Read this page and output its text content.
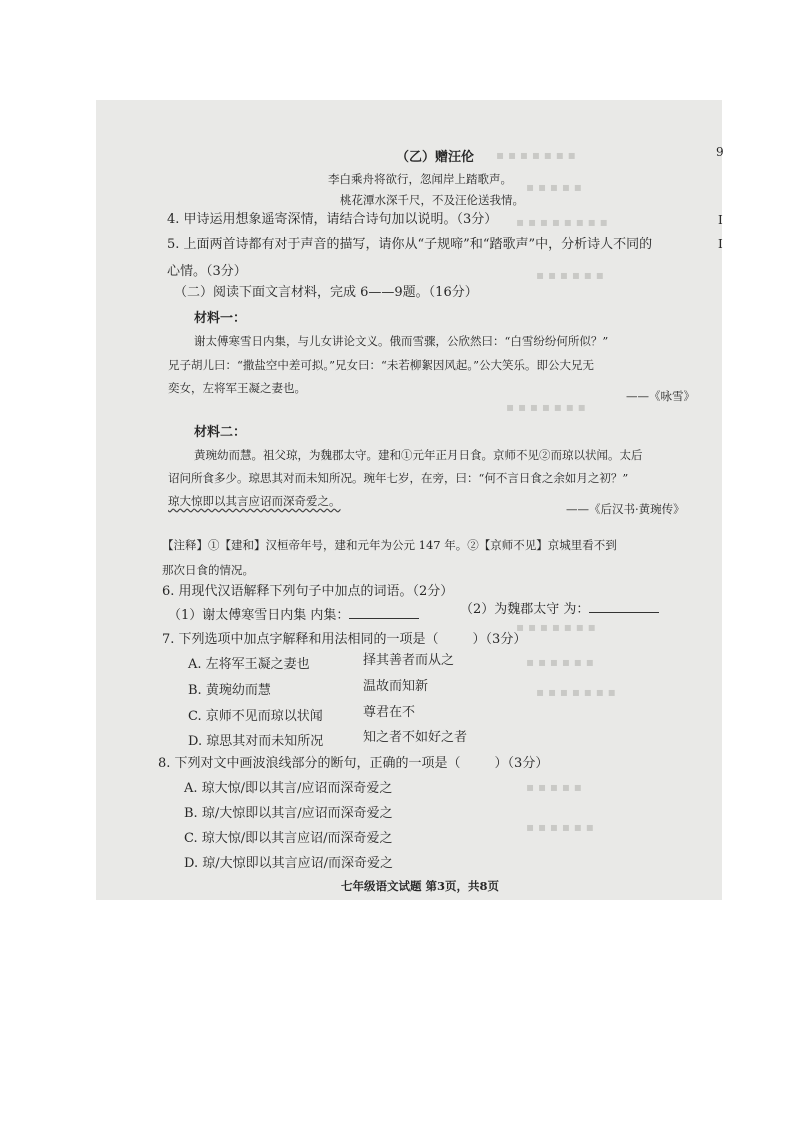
▪ ▪ ▪ ▪ ▪ ▪ ▪
▪ ▪ ▪ ▪ ▪
▪ ▪ ▪ ▪ ▪ ▪ ▪ ▪
▪ ▪ ▪ ▪ ▪ ▪
▪ ▪ ▪ ▪ ▪ ▪ ▪
▪ ▪ ▪ ▪ ▪ ▪ ▪
▪ ▪ ▪ ▪ ▪ ▪
▪ ▪ ▪ ▪ ▪ ▪ ▪
▪ ▪ ▪ ▪ ▪
▪ ▪ ▪ ▪ ▪ ▪
（乙）赠汪伦
李白乘舟将欲行，忽闻岸上踏歌声。
桃花潭水深千尺，不及汪伦送我情。
4. 甲诗运用想象遥寄深情，请结合诗句加以说明。（3分）
5. 上面两首诗都有对于声音的描写，请你从“子规啼”和“踏歌声”中，分析诗人不同的
心情。（3分）
（二）阅读下面文言材料，完成 6——9题。（16分）
材料一：
谢太傅寒雪日内集，与儿女讲论文义。俄而雪骤，公欣然曰：“白雪纷纷何所似？”
兄子胡儿曰：“撒盐空中差可拟。”兄女曰：“未若柳絮因风起。”公大笑乐。即公大兄无
奕女，左将军王凝之妻也。
——《咏雪》
材料二：
黄琬幼而慧。祖父琼，为魏郡太守。建和①元年正月日食。京师不见②而琼以状闻。太后
诏问所食多少。琼思其对而未知所况。琬年七岁，在旁，曰：“何不言日食之余如月之初？”
琼大惊即以其言应诏而深奇爱之。
——《后汉书·黄琬传》
【注释】①【建和】汉桓帝年号，建和元年为公元 147 年。②【京师不见】京城里看不到
那次日食的情况。
6. 用现代汉语解释下列句子中加点的词语。（2分）
（1）谢太傅寒雪日内集 内集：	（2）为魏郡太守 为：
7. 下列选项中加点字解释和用法相同的一项是（	）（3分）
A. 左将军王凝之妻也	择其善者而从之
B. 黄琬幼而慧	温故而知新
C. 京师不见而琼以状闻	尊君在不
D. 琼思其对而未知所况	知之者不如好之者
8. 下列对文中画波浪线部分的断句，正确的一项是（	）（3分）
A. 琼大惊/即以其言/应诏而深奇爱之
B. 琼/大惊即以其言/应诏而深奇爱之
C. 琼大惊/即以其言应诏/而深奇爱之
D. 琼/大惊即以其言应诏/而深奇爱之
七年级语文试题 第3页，共8页
9
I
I
